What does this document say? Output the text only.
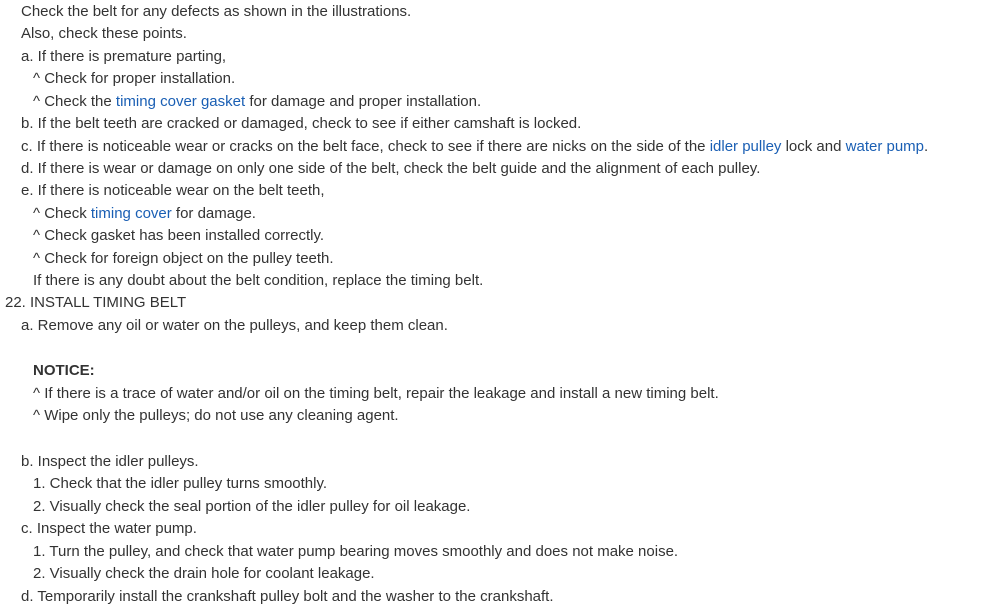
Check the belt for any defects as shown in the illustrations.
Also, check these points.
a. If there is premature parting,
^ Check for proper installation.
^ Check the timing cover gasket for damage and proper installation.
b. If the belt teeth are cracked or damaged, check to see if either camshaft is locked.
c. If there is noticeable wear or cracks on the belt face, check to see if there are nicks on the side of the idler pulley lock and water pump.
d. If there is wear or damage on only one side of the belt, check the belt guide and the alignment of each pulley.
e. If there is noticeable wear on the belt teeth,
^ Check timing cover for damage.
^ Check gasket has been installed correctly.
^ Check for foreign object on the pulley teeth.
If there is any doubt about the belt condition, replace the timing belt.
22. INSTALL TIMING BELT
a. Remove any oil or water on the pulleys, and keep them clean.
NOTICE:
^ If there is a trace of water and/or oil on the timing belt, repair the leakage and install a new timing belt.
^ Wipe only the pulleys; do not use any cleaning agent.
b. Inspect the idler pulleys.
1. Check that the idler pulley turns smoothly.
2. Visually check the seal portion of the idler pulley for oil leakage.
c. Inspect the water pump.
1. Turn the pulley, and check that water pump bearing moves smoothly and does not make noise.
2. Visually check the drain hole for coolant leakage.
d. Temporarily install the crankshaft pulley bolt and the washer to the crankshaft.
